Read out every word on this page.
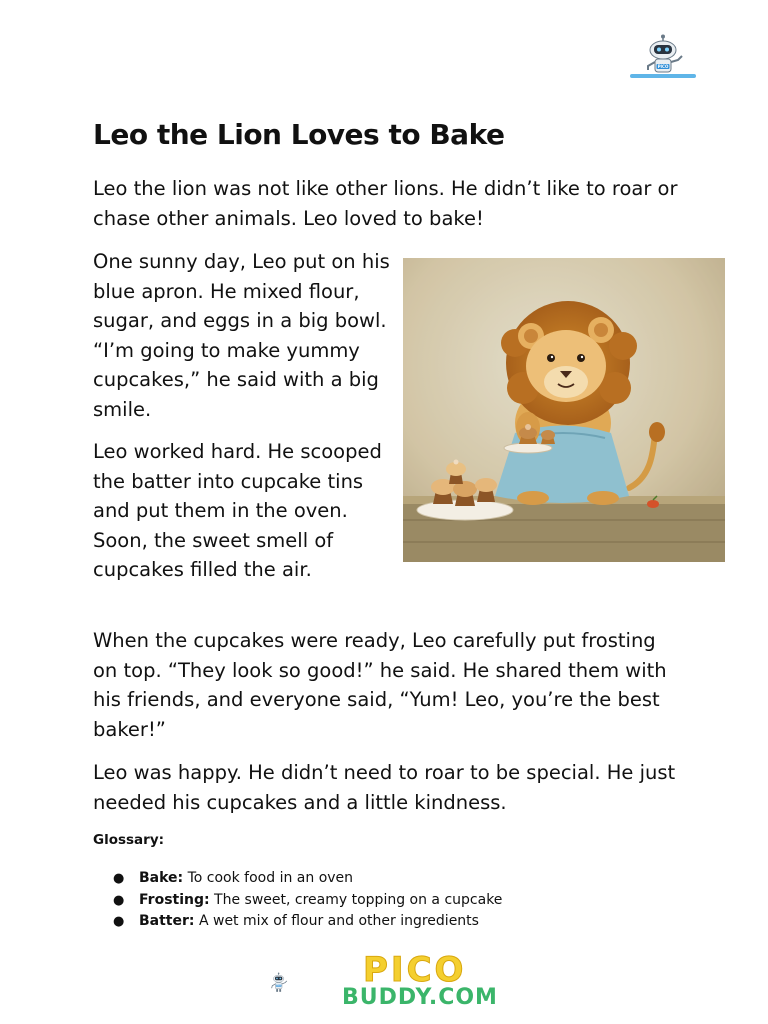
PICO
Leo the Lion Loves to Bake

Leo the lion was not like other lions. He didn’t like to roar or chase other animals. Leo loved to bake!

One sunny day, Leo put on his blue apron. He mixed flour, sugar, and eggs in a big bowl. “I’m going to make yummy cupcakes,” he said with a big smile.

Leo worked hard. He scooped the batter into cupcake tins and put them in the oven. Soon, the sweet smell of cupcakes filled the air.

When the cupcakes were ready, Leo carefully put frosting on top. “They look so good!” he said. He shared them with his friends, and everyone said, “Yum! Leo, you’re the best baker!”

Leo was happy. He didn’t need to roar to be special. He just needed his cupcakes and a little kindness.

Glossary:
● Bake: To cook food in an oven
● Frosting: The sweet, creamy topping on a cupcake
● Batter: A wet mix of flour and other ingredients
PICO PICO
BUDDY.COM
